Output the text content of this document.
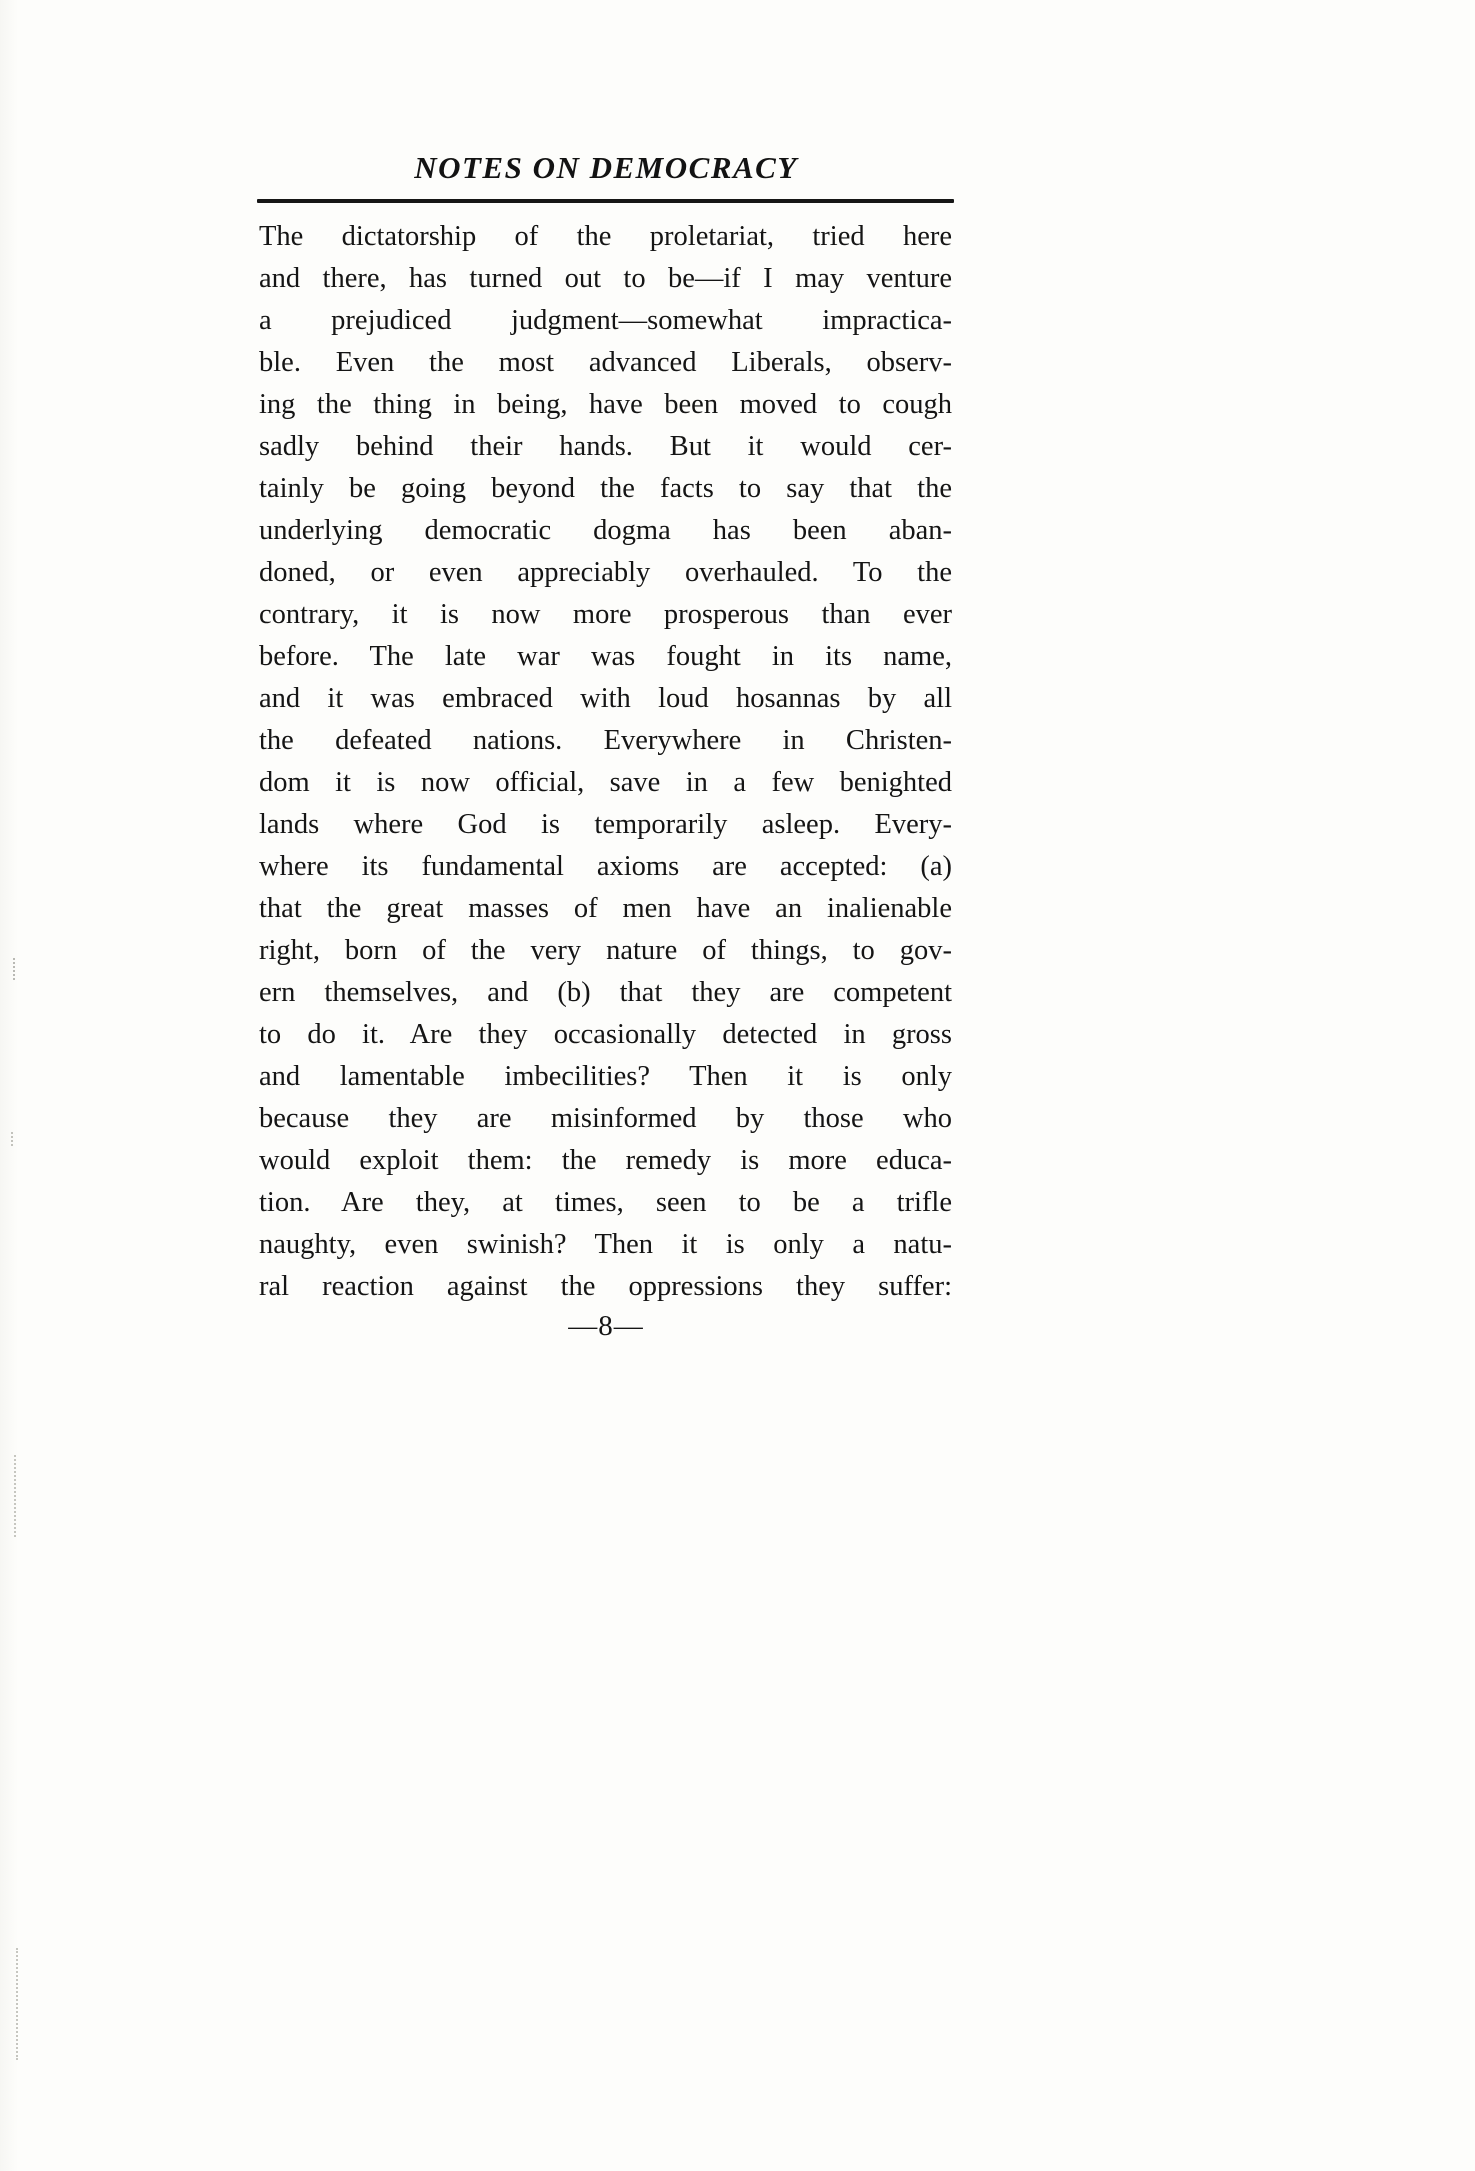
NOTES ON DEMOCRACY
The dictatorship of the proletariat, tried here
and there, has turned out to be—if I may venture
a prejudiced judgment—somewhat impractica-
ble. Even the most advanced Liberals, observ-
ing the thing in being, have been moved to cough
sadly behind their hands. But it would cer-
tainly be going beyond the facts to say that the
underlying democratic dogma has been aban-
doned, or even appreciably overhauled. To the
contrary, it is now more prosperous than ever
before. The late war was fought in its name,
and it was embraced with loud hosannas by all
the defeated nations. Everywhere in Christen-
dom it is now official, save in a few benighted
lands where God is temporarily asleep. Every-
where its fundamental axioms are accepted: (a)
that the great masses of men have an inalienable
right, born of the very nature of things, to gov-
ern themselves, and (b) that they are competent
to do it. Are they occasionally detected in gross
and lamentable imbecilities? Then it is only
because they are misinformed by those who
would exploit them: the remedy is more educa-
tion. Are they, at times, seen to be a trifle
naughty, even swinish? Then it is only a natu-
ral reaction against the oppressions they suffer:
—8—
